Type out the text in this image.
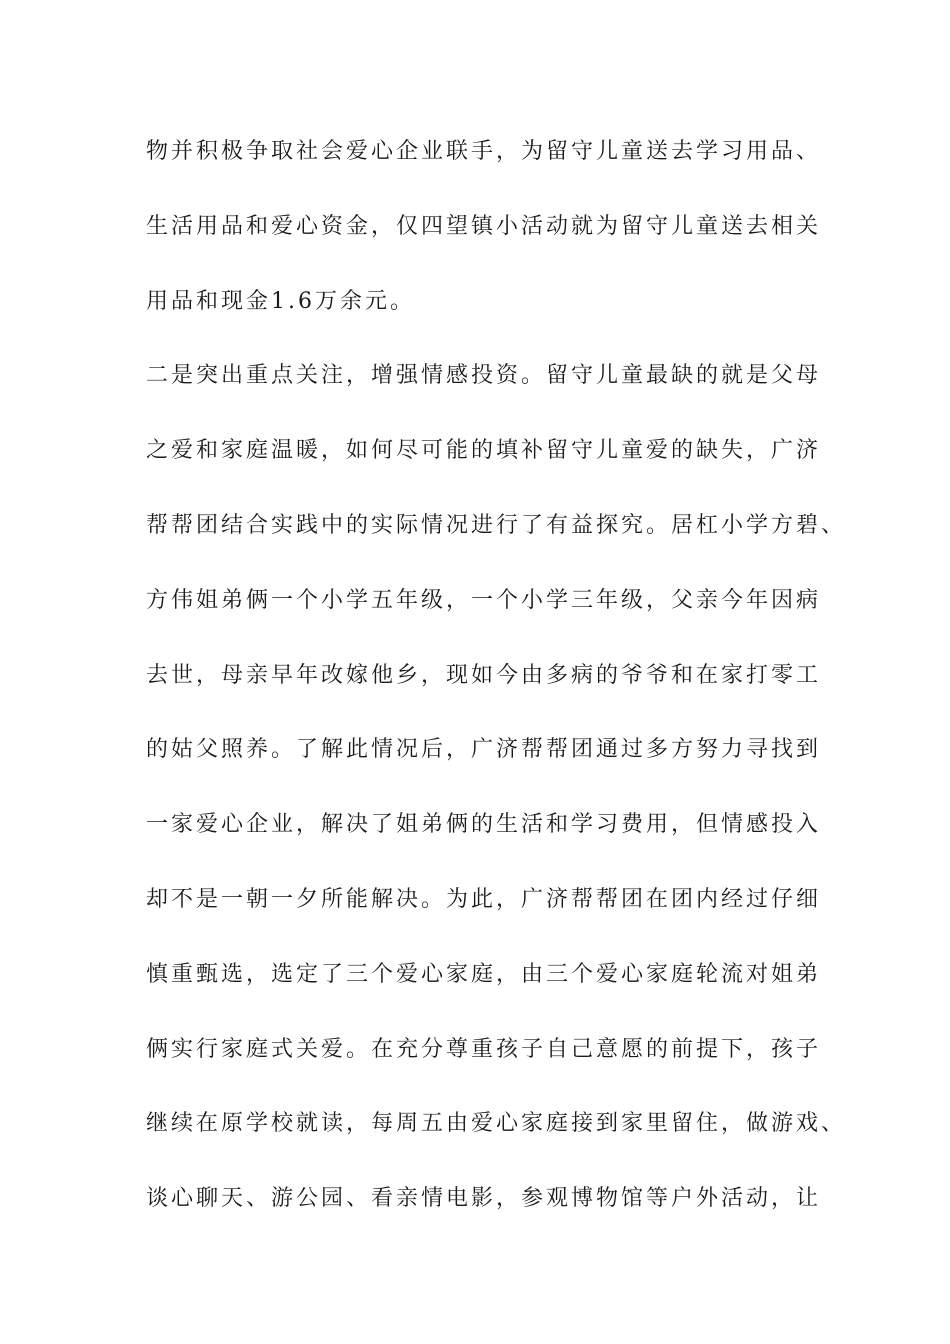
物并积极争取社会爱心企业联手，为留守儿童送去学习用品、
生活用品和爱心资金，仅四望镇小活动就为留守儿童送去相关
用品和现金1.6万余元。
二是突出重点关注，增强情感投资。留守儿童最缺的就是父母
之爱和家庭温暖，如何尽可能的填补留守儿童爱的缺失，广济
帮帮团结合实践中的实际情况进行了有益探究。居杠小学方碧、
方伟姐弟俩一个小学五年级，一个小学三年级，父亲今年因病
去世，母亲早年改嫁他乡，现如今由多病的爷爷和在家打零工
的姑父照养。了解此情况后，广济帮帮团通过多方努力寻找到
一家爱心企业，解决了姐弟俩的生活和学习费用，但情感投入
却不是一朝一夕所能解决。为此，广济帮帮团在团内经过仔细
慎重甄选，选定了三个爱心家庭，由三个爱心家庭轮流对姐弟
俩实行家庭式关爱。在充分尊重孩子自己意愿的前提下，孩子
继续在原学校就读，每周五由爱心家庭接到家里留住，做游戏、
谈心聊天、游公园、看亲情电影，参观博物馆等户外活动，让
